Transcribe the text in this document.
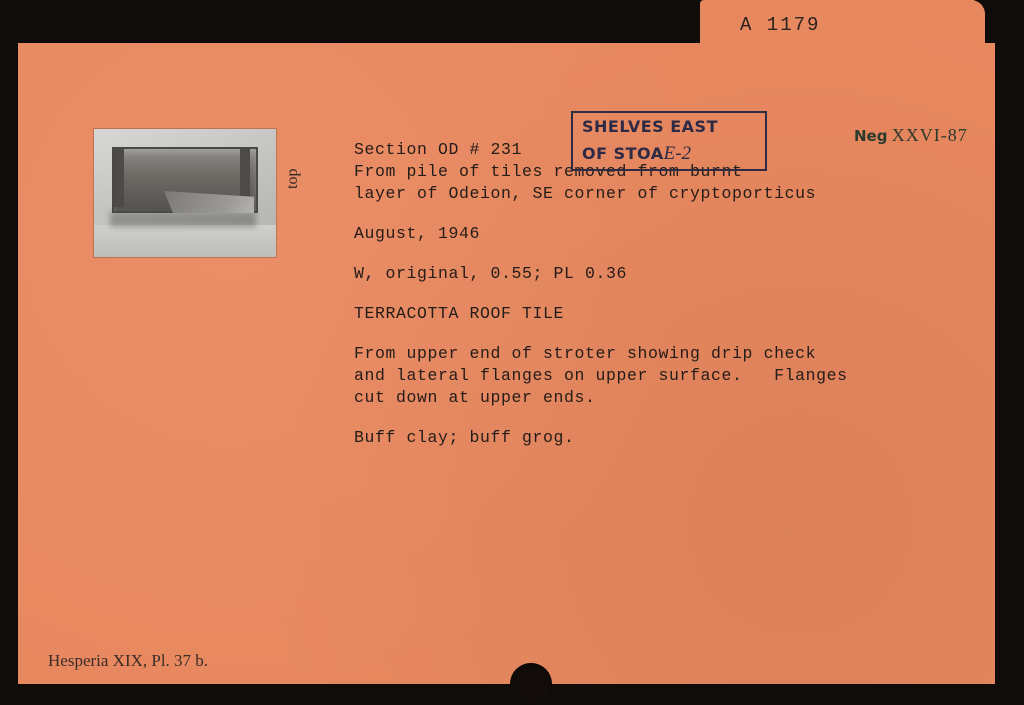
top
Section OD # 231
From pile of tiles removed from burnt
layer of Odeion, SE corner of cryptoporticus
August, 1946
W, original, 0.55; PL 0.36
TERRACOTTA ROOF TILE
From upper end of stroter showing drip check
and lateral flanges on upper surface.   Flanges
cut down at upper ends.
Buff clay; buff grog.
SHELVES EAST
OF STOAE-2
Neg XXVI-87
Hesperia XIX, Pl. 37 b.
A 1179
